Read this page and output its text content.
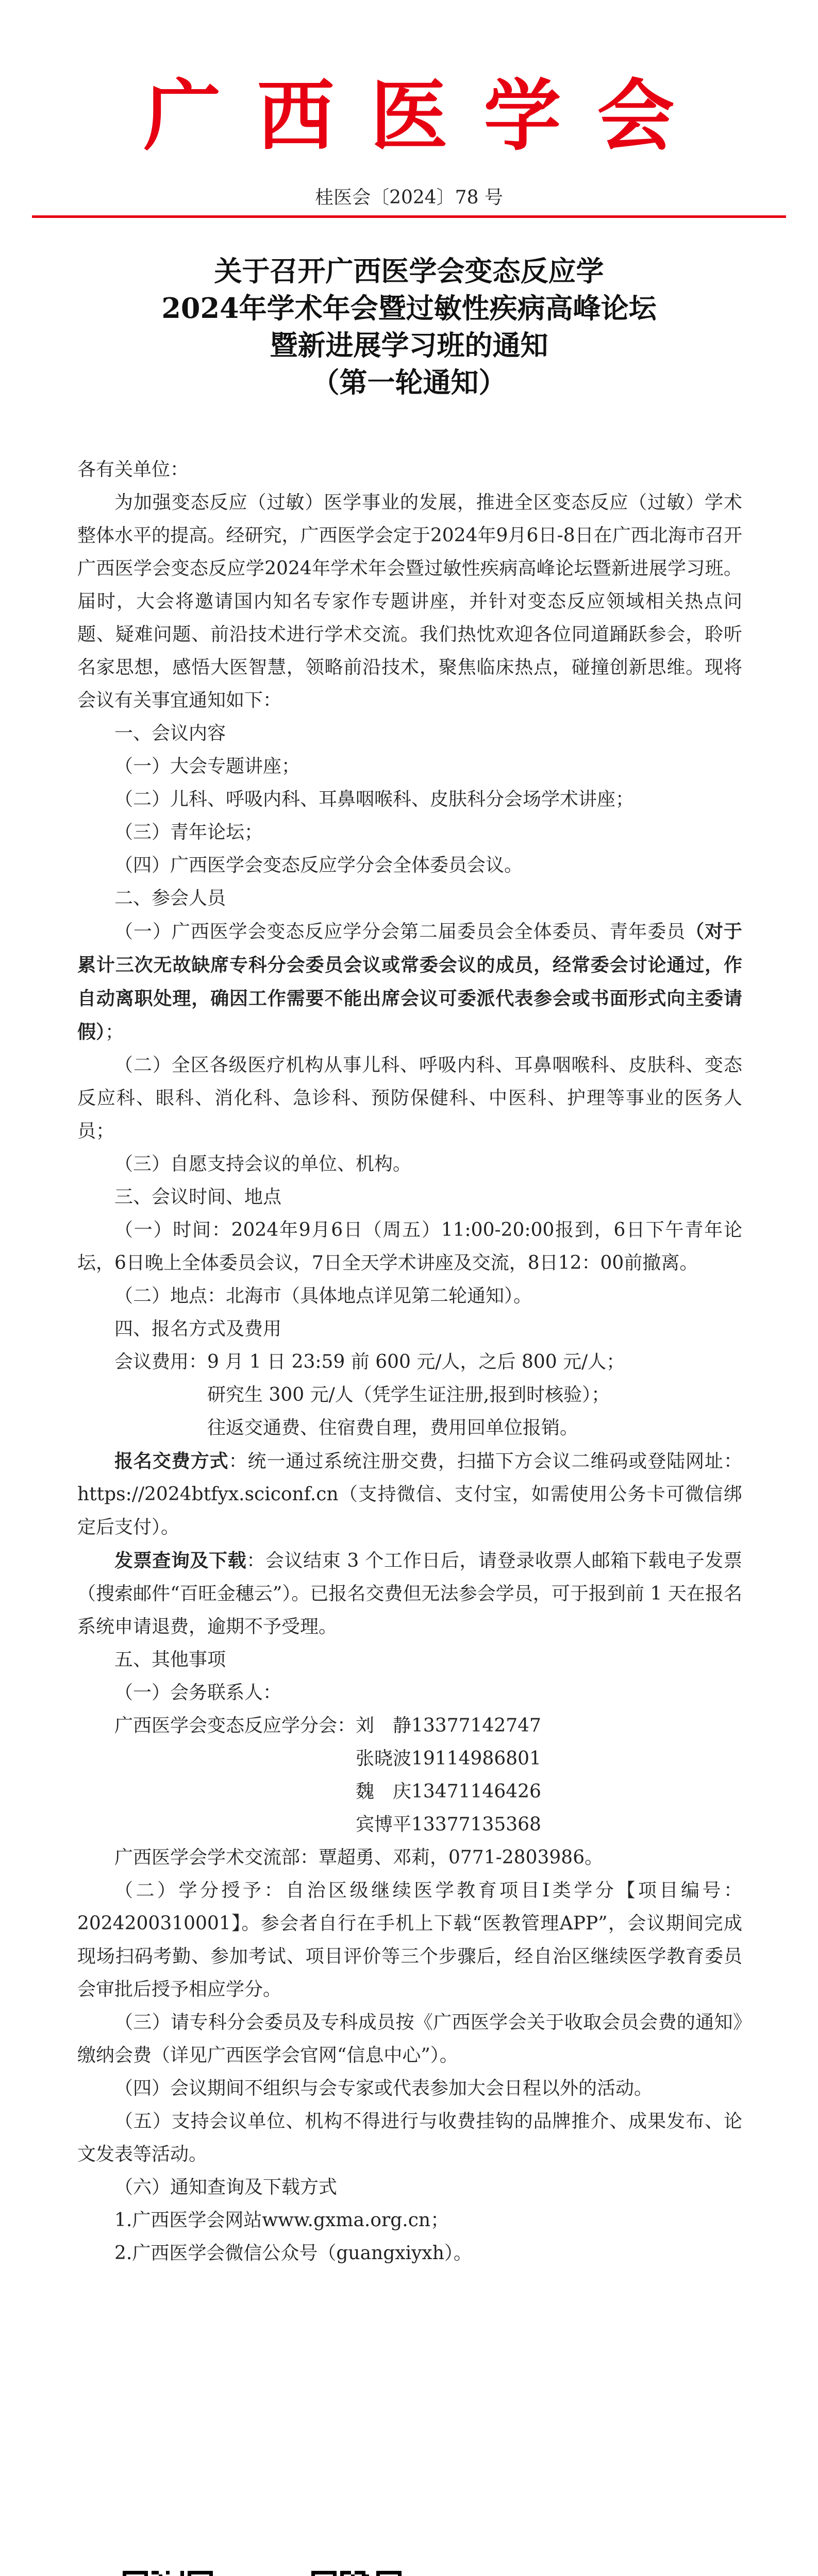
广西医学会
桂医会〔2024〕78 号
关于召开广西医学会变态反应学
2024年学术年会暨过敏性疾病高峰论坛
暨新进展学习班的通知
（第一轮通知）

各有关单位：

为加强变态反应（过敏）医学事业的发展，推进全区变态反应（过敏）学术整体水平的提高。经研究，广西医学会定于2024年9月6日-8日在广西北海市召开广西医学会变态反应学2024年学术年会暨过敏性疾病高峰论坛暨新进展学习班。届时，大会将邀请国内知名专家作专题讲座，并针对变态反应领域相关热点问题、疑难问题、前沿技术进行学术交流。我们热忱欢迎各位同道踊跃参会，聆听名家思想，感悟大医智慧，领略前沿技术，聚焦临床热点，碰撞创新思维。现将会议有关事宜通知如下：

一、会议内容

（一）大会专题讲座；

（二）儿科、呼吸内科、耳鼻咽喉科、皮肤科分会场学术讲座；

（三）青年论坛；

（四）广西医学会变态反应学分会全体委员会议。

二、参会人员

（一）广西医学会变态反应学分会第二届委员会全体委员、青年委员（对于累计三次无故缺席专科分会委员会议或常委会议的成员，经常委会讨论通过，作自动离职处理，确因工作需要不能出席会议可委派代表参会或书面形式向主委请假）；

（二）全区各级医疗机构从事儿科、呼吸内科、耳鼻咽喉科、皮肤科、变态反应科、眼科、消化科、急诊科、预防保健科、中医科、护理等事业的医务人员；

（三）自愿支持会议的单位、机构。

三、会议时间、地点

（一）时间：2024年9月6日（周五）11:00-20:00报到，6日下午青年论坛，6日晚上全体委员会议，7日全天学术讲座及交流，8日12：00前撤离。

（二）地点：北海市（具体地点详见第二轮通知）。

四、报名方式及费用

会议费用：9 月 1 日 23:59 前 600 元/人，之后 800 元/人；

研究生 300 元/人（凭学生证注册,报到时核验）；

往返交通费、住宿费自理，费用回单位报销。

报名交费方式：统一通过系统注册交费，扫描下方会议二维码或登陆网址：https://2024btfyx.sciconf.cn（支持微信、支付宝，如需使用公务卡可微信绑定后支付）。

发票查询及下载：会议结束 3 个工作日后，请登录收票人邮箱下载电子发票（搜索邮件“百旺金穗云”）。已报名交费但无法参会学员，可于报到前 1 天在报名系统申请退费，逾期不予受理。

五、其他事项

（一）会务联系人：

广西医学会变态反应学分会： 刘　静13377142747
张晓波19114986801
魏　庆13471146426
宾博平13377135368

广西医学会学术交流部：覃超勇、邓莉，0771-2803986。

（二）学分授予：自治区级继续医学教育项目I类学分【项目编号：2024200310001】。参会者自行在手机上下载“医教管理APP”，会议期间完成现场扫码考勤、参加考试、项目评价等三个步骤后，经自治区继续医学教育委员会审批后授予相应学分。

（三）请专科分会委员及专科成员按《广西医学会关于收取会员会费的通知》缴纳会费（详见广西医学会官网“信息中心”）。

（四）会议期间不组织与会专家或代表参加大会日程以外的活动。

（五）支持会议单位、机构不得进行与收费挂钩的品牌推介、成果发布、论文发表等活动。

（六）通知查询及下载方式

1.广西医学会网站www.gxma.org.cn；

2.广西医学会微信公众号（guangxiyxh）。
